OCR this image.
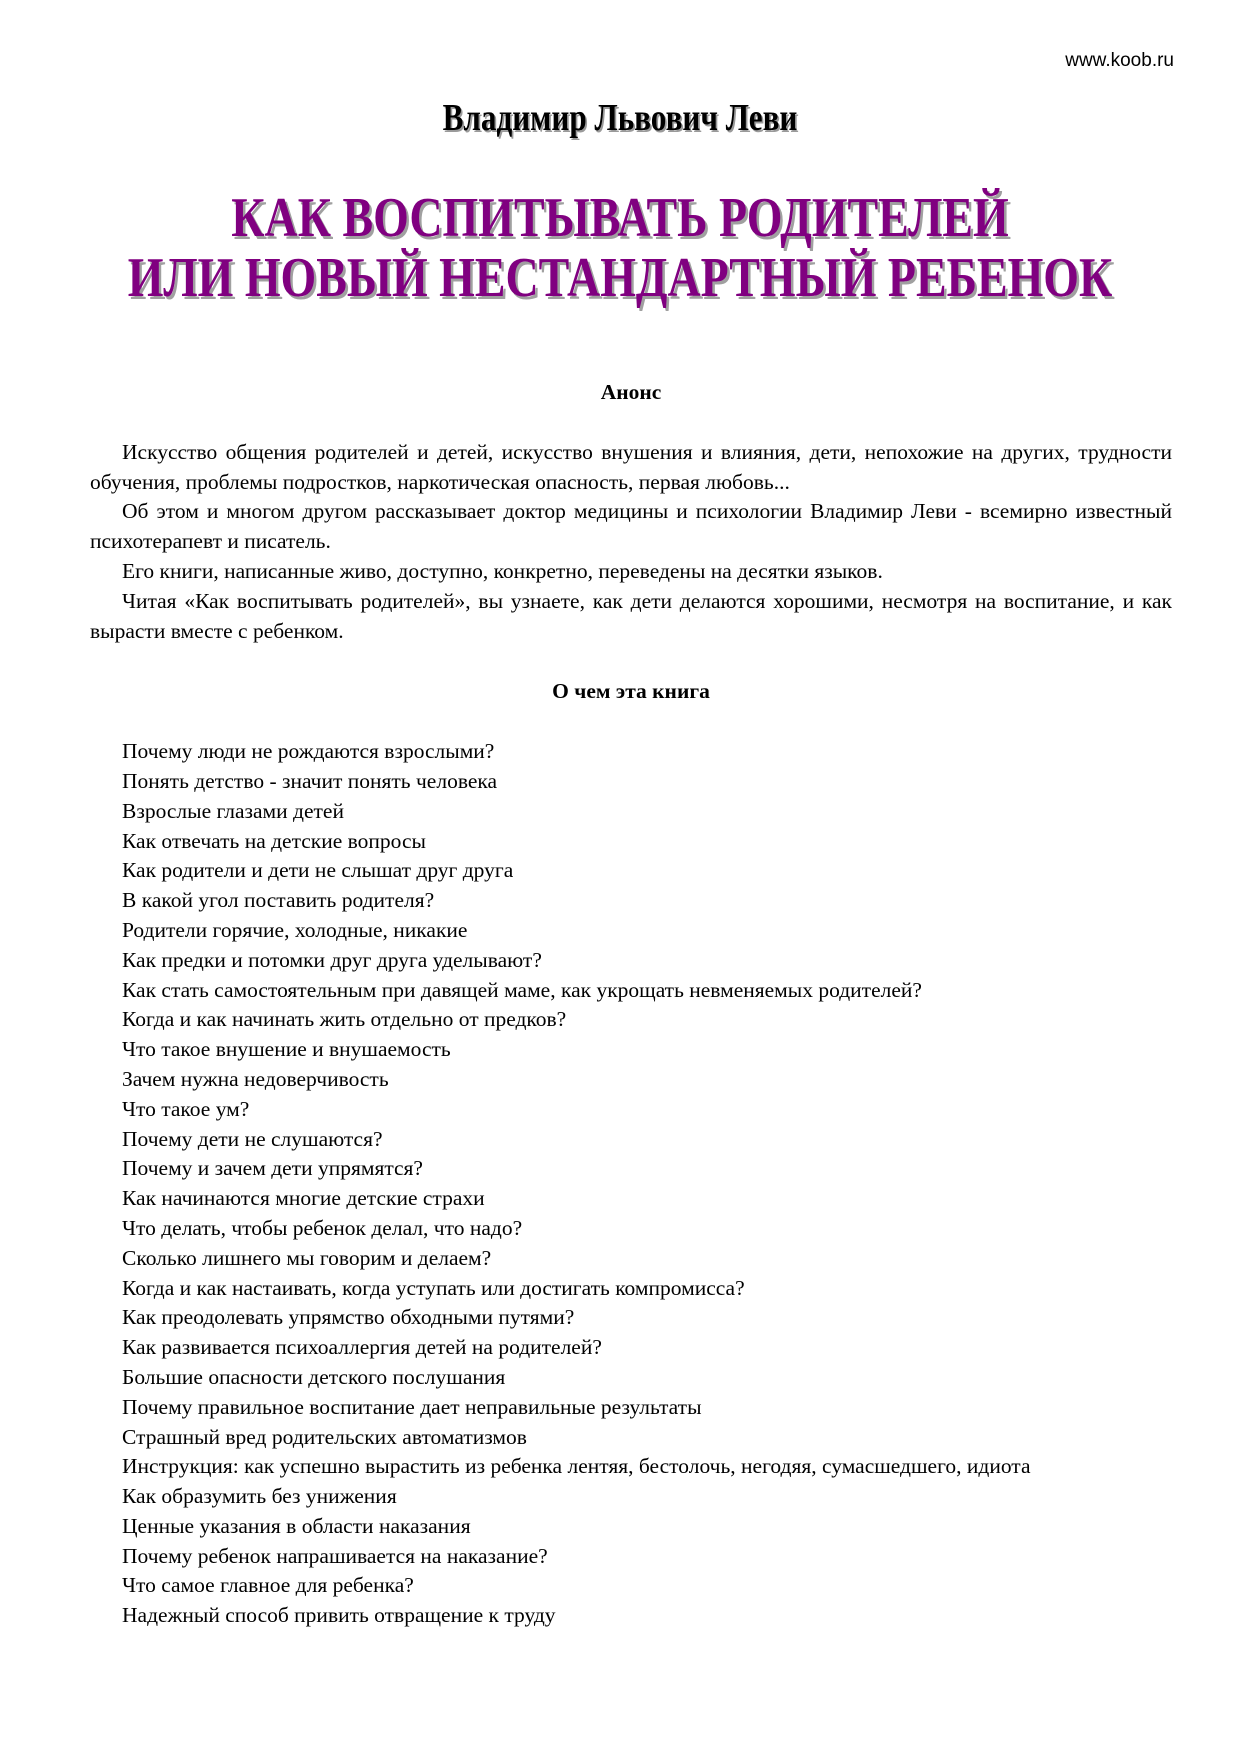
www.koob.ru
Владимир Львович Леви
КАК ВОСПИТЫВАТЬ РОДИТЕЛЕЙ
ИЛИ НОВЫЙ НЕСТАНДАРТНЫЙ РЕБЕНОК
Анонс

Искусство общения родителей и детей, искусство внушения и влияния, дети, непохожие на других, трудности обучения, проблемы подростков, наркотическая опасность, первая любовь...

Об этом и многом другом рассказывает доктор медицины и психологии Владимир Леви - всемирно известный психотерапевт и писатель.

Его книги, написанные живо, доступно, конкретно, переведены на десятки языков.

Читая «Как воспитывать родителей», вы узнаете, как дети делаются хорошими, несмотря на воспитание, и как вырасти вместе с ребенком.

О чем эта книга
Почему люди не рождаются взрослыми?
Понять детство - значит понять человека
Взрослые глазами детей
Как отвечать на детские вопросы
Как родители и дети не слышат друг друга
В какой угол поставить родителя?
Родители горячие, холодные, никакие
Как предки и потомки друг друга уделывают?
Как стать самостоятельным при давящей маме, как укрощать невменяемых родителей?
Когда и как начинать жить отдельно от предков?
Что такое внушение и внушаемость
Зачем нужна недоверчивость
Что такое ум?
Почему дети не слушаются?
Почему и зачем дети упрямятся?
Как начинаются многие детские страхи
Что делать, чтобы ребенок делал, что надо?
Сколько лишнего мы говорим и делаем?
Когда и как настаивать, когда уступать или достигать компромисса?
Как преодолевать упрямство обходными путями?
Как развивается психоаллергия детей на родителей?
Большие опасности детского послушания
Почему правильное воспитание дает неправильные результаты
Страшный вред родительских автоматизмов
Инструкция: как успешно вырастить из ребенка лентяя, бестолочь, негодяя, сумасшедшего, идиота
Как образумить без унижения
Ценные указания в области наказания
Почему ребенок напрашивается на наказание?
Что самое главное для ребенка?
Надежный способ привить отвращение к труду
